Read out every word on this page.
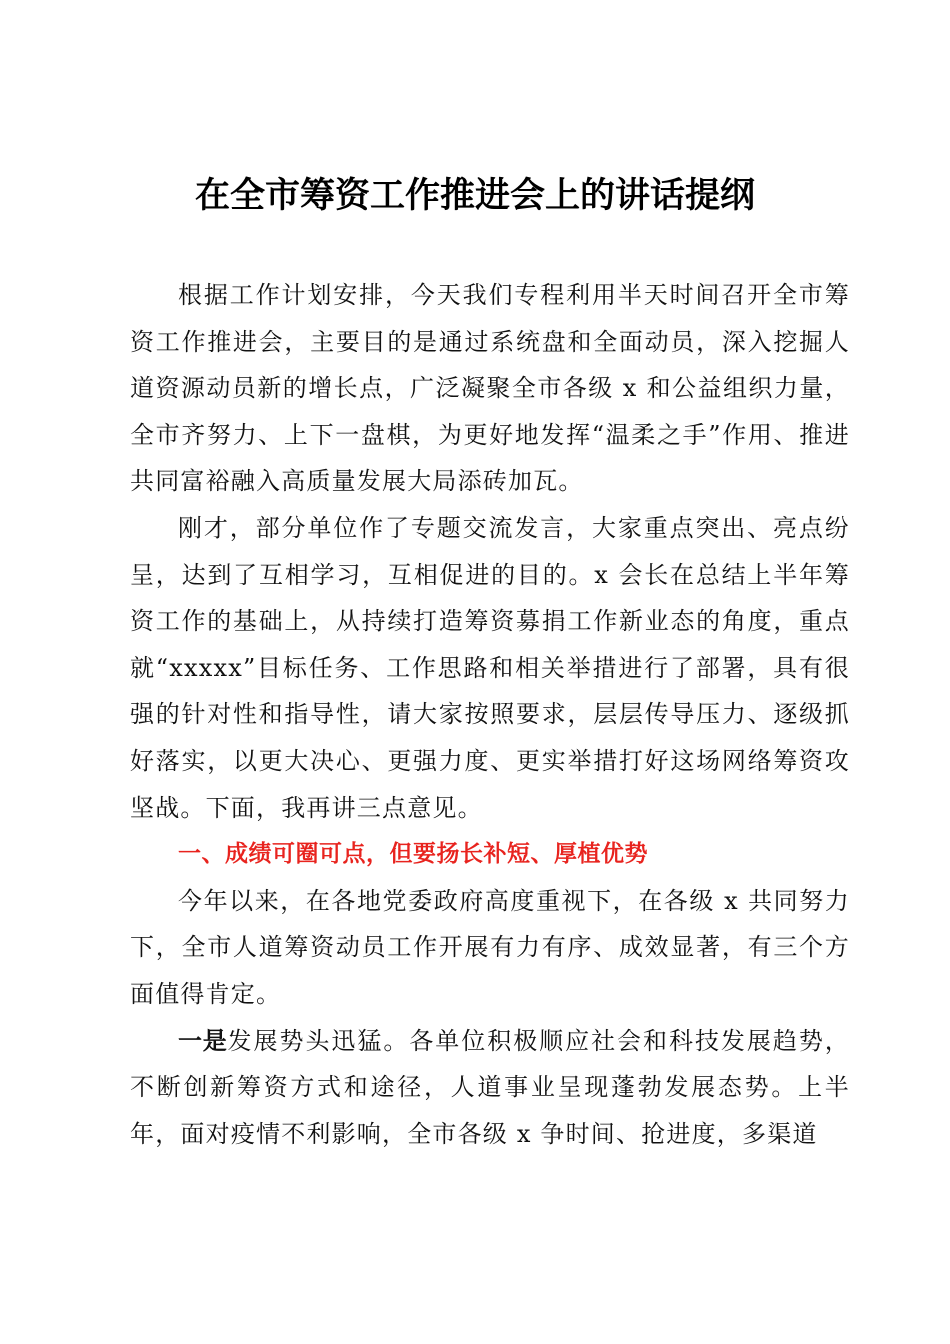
在全市筹资工作推进会上的讲话提纲

根据工作计划安排，今天我们专程利用半天时间召开全市筹资工作推进会，主要目的是通过系统盘和全面动员，深入挖掘人道资源动员新的增长点，广泛凝聚全市各级 x 和公益组织力量，全市齐努力、上下一盘棋，为更好地发挥“温柔之手”作用、推进共同富裕融入高质量发展大局添砖加瓦。

刚才，部分单位作了专题交流发言，大家重点突出、亮点纷呈，达到了互相学习，互相促进的目的。x 会长在总结上半年筹资工作的基础上，从持续打造筹资募捐工作新业态的角度，重点就“xxxxx”目标任务、工作思路和相关举措进行了部署，具有很强的针对性和指导性，请大家按照要求，层层传导压力、逐级抓好落实，以更大决心、更强力度、更实举措打好这场网络筹资攻坚战。下面，我再讲三点意见。

一、成绩可圈可点，但要扬长补短、厚植优势

今年以来，在各地党委政府高度重视下，在各级 x 共同努力下，全市人道筹资动员工作开展有力有序、成效显著，有三个方面值得肯定。

一是发展势头迅猛。各单位积极顺应社会和科技发展趋势，不断创新筹资方式和途径，人道事业呈现蓬勃发展态势。上半年，面对疫情不利影响，全市各级 x 争时间、抢进度，多渠道
